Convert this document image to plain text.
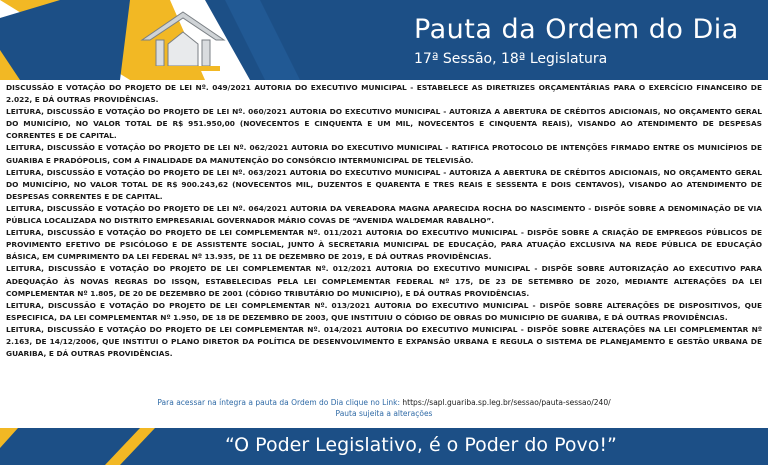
Pauta da Ordem do Dia
17ª Sessão, 18ª Legislatura

DISCUSSÃO E VOTAÇÃO DO PROJETO DE LEI Nº. 049/2021 AUTORIA DO EXECUTIVO MUNICIPAL - ESTABELECE AS DIRETRIZES ORÇAMENTÁRIAS PARA O EXERCÍCIO FINANCEIRO DE 2.022, E DÁ OUTRAS PROVIDÊNCIAS.

LEITURA, DISCUSSÃO E VOTAÇÃO DO PROJETO DE LEI Nº. 060/2021 AUTORIA DO EXECUTIVO MUNICIPAL - AUTORIZA A ABERTURA DE CRÉDITOS ADICIONAIS, NO ORÇAMENTO GERAL DO MUNICÍPIO, NO VALOR TOTAL DE R$ 951.950,00 (NOVECENTOS E CINQUENTA E UM MIL, NOVECENTOS E CINQUENTA REAIS), VISANDO AO ATENDIMENTO DE DESPESAS CORRENTES E DE CAPITAL.

LEITURA, DISCUSSÃO E VOTAÇÃO DO PROJETO DE LEI Nº. 062/2021 AUTORIA DO EXECUTIVO MUNICIPAL - RATIFICA PROTOCOLO DE INTENÇÕES FIRMADO ENTRE OS MUNICÍPIOS DE GUARIBA E PRADÓPOLIS, COM A FINALIDADE DA MANUTENÇÃO DO CONSÓRCIO INTERMUNICIPAL DE TELEVISÃO.

LEITURA, DISCUSSÃO E VOTAÇÃO DO PROJETO DE LEI Nº. 063/2021 AUTORIA DO EXECUTIVO MUNICIPAL - AUTORIZA A ABERTURA DE CRÉDITOS ADICIONAIS, NO ORÇAMENTO GERAL DO MUNICÍPIO, NO VALOR TOTAL DE R$ 900.243,62 (NOVECENTOS MIL, DUZENTOS E QUARENTA E TRES REAIS E SESSENTA E DOIS CENTAVOS), VISANDO AO ATENDIMENTO DE DESPESAS CORRENTES E DE CAPITAL.

LEITURA, DISCUSSÃO E VOTAÇÃO DO PROJETO DE LEI Nº. 064/2021 AUTORIA DA VEREADORA MAGNA APARECIDA ROCHA DO NASCIMENTO - DISPÕE SOBRE A DENOMINAÇÃO DE VIA PÚBLICA LOCALIZADA NO DISTRITO EMPRESARIAL GOVERNADOR MÁRIO COVAS DE “AVENIDA WALDEMAR RABALHO”.

LEITURA, DISCUSSÃO E VOTAÇÃO DO PROJETO DE LEI COMPLEMENTAR Nº. 011/2021 AUTORIA DO EXECUTIVO MUNICIPAL - DISPÕE SOBRE A CRIAÇÃO DE EMPREGOS PÚBLICOS DE PROVIMENTO EFETIVO DE PSICÓLOGO E DE ASSISTENTE SOCIAL, JUNTO À SECRETARIA MUNICIPAL DE EDUCAÇÃO, PARA ATUAÇÃO EXCLUSIVA NA REDE PÚBLICA DE EDUCAÇÃO BÁSICA, EM CUMPRIMENTO DA LEI FEDERAL Nº 13.935, DE 11 DE DEZEMBRO DE 2019, E DÁ OUTRAS PROVIDÊNCIAS.

LEITURA, DISCUSSÃO E VOTAÇÃO DO PROJETO DE LEI COMPLEMENTAR Nº. 012/2021 AUTORIA DO EXECUTIVO MUNICIPAL - DISPÕE SOBRE AUTORIZAÇÃO AO EXECUTIVO PARA ADEQUAÇÃO ÀS NOVAS REGRAS DO ISSQN, ESTABELECIDAS PELA LEI COMPLEMENTAR FEDERAL Nº 175, DE 23 DE SETEMBRO DE 2020, MEDIANTE ALTERAÇÕES DA LEI COMPLEMENTAR Nº 1.805, DE 20 DE DEZEMBRO DE 2001 (CÓDIGO TRIBUTÁRIO DO MUNICIPIO), E DÁ OUTRAS PROVIDÊNCIAS.

LEITURA, DISCUSSÃO E VOTAÇÃO DO PROJETO DE LEI COMPLEMENTAR Nº. 013/2021 AUTORIA DO EXECUTIVO MUNICIPAL - DISPÕE SOBRE ALTERAÇÕES DE DISPOSITIVOS, QUE ESPECIFICA, DA LEI COMPLEMENTAR Nº 1.950, DE 18 DE DEZEMBRO DE 2003, QUE INSTITUIU O CÓDIGO DE OBRAS DO MUNICIPIO DE GUARIBA, E DÁ OUTRAS PROVIDÊNCIAS.

LEITURA, DISCUSSÃO E VOTAÇÃO DO PROJETO DE LEI COMPLEMENTAR Nº. 014/2021 AUTORIA DO EXECUTIVO MUNICIPAL - DISPÕE SOBRE ALTERAÇÕES NA LEI COMPLEMENTAR Nº 2.163, DE 14/12/2006, QUE INSTITUI O PLANO DIRETOR DA POLÍTICA DE DESENVOLVIMENTO E EXPANSÃO URBANA E REGULA O SISTEMA DE PLANEJAMENTO E GESTÃO URBANA DE GUARIBA, E DÁ OUTRAS PROVIDÊNCIAS.

Para acessar na íntegra a pauta da Ordem do Dia clique no Link: https://sapl.guariba.sp.leg.br/sessao/pauta-sessao/240/
Pauta sujeita a alterações
“O Poder Legislativo, é o Poder do Povo!”
